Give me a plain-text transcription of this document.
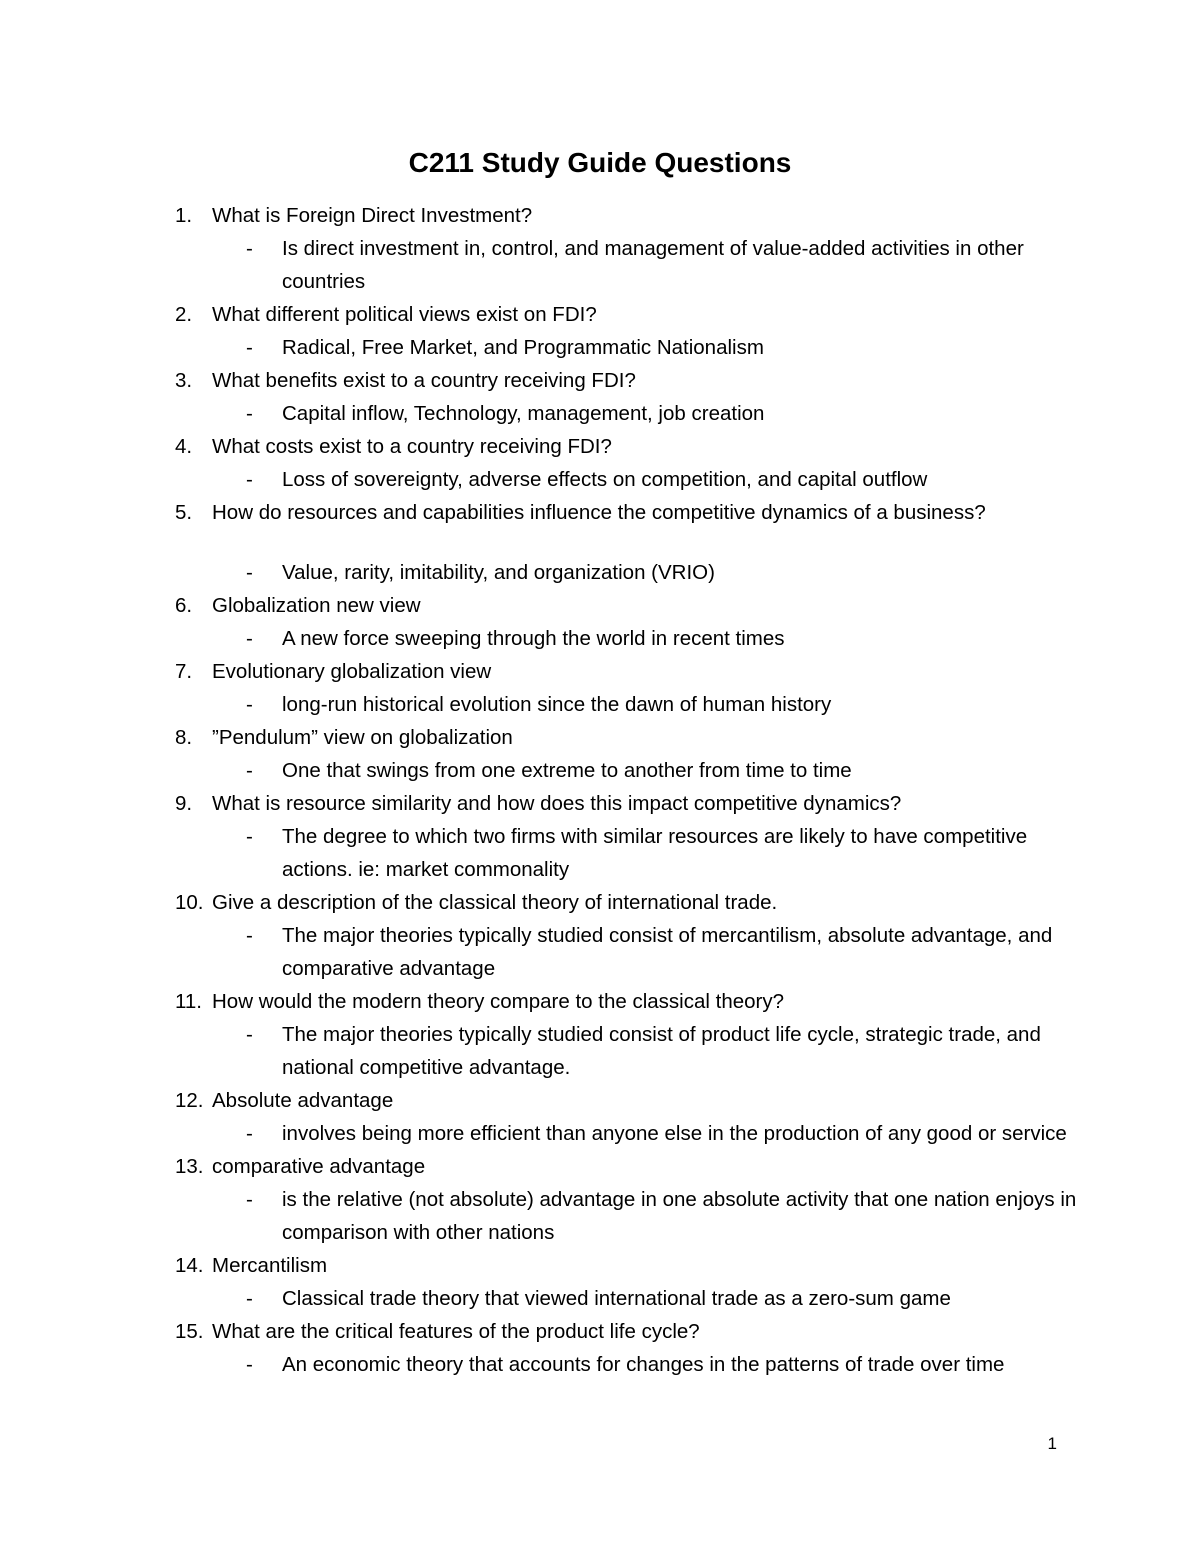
C211 Study Guide Questions
1. What is Foreign Direct Investment?
- Is direct investment in, control, and management of value-added activities in other countries
2. What different political views exist on FDI?
- Radical, Free Market, and Programmatic Nationalism
3. What benefits exist to a country receiving FDI?
- Capital inflow, Technology, management, job creation
4. What costs exist to a country receiving FDI?
- Loss of sovereignty, adverse effects on competition, and capital outflow
5. How do resources and capabilities influence the competitive dynamics of a business?
- Value, rarity, imitability, and organization (VRIO)
6. Globalization new view
- A new force sweeping through the world in recent times
7. Evolutionary globalization view
- long-run historical evolution since the dawn of human history
8. ”Pendulum” view on globalization
- One that swings from one extreme to another from time to time
9. What is resource similarity and how does this impact competitive dynamics?
- The degree to which two firms with similar resources are likely to have competitive actions. ie: market commonality
10. Give a description of the classical theory of international trade.
- The major theories typically studied consist of mercantilism, absolute advantage, and comparative advantage
11. How would the modern theory compare to the classical theory?
- The major theories typically studied consist of product life cycle, strategic trade, and national competitive advantage.
12. Absolute advantage
- involves being more efficient than anyone else in the production of any good or service
13. comparative advantage
- is the relative (not absolute) advantage in one absolute activity that one nation enjoys in comparison with other nations
14. Mercantilism
- Classical trade theory that viewed international trade as a zero-sum game
15. What are the critical features of the product life cycle?
- An economic theory that accounts for changes in the patterns of trade over time
1
